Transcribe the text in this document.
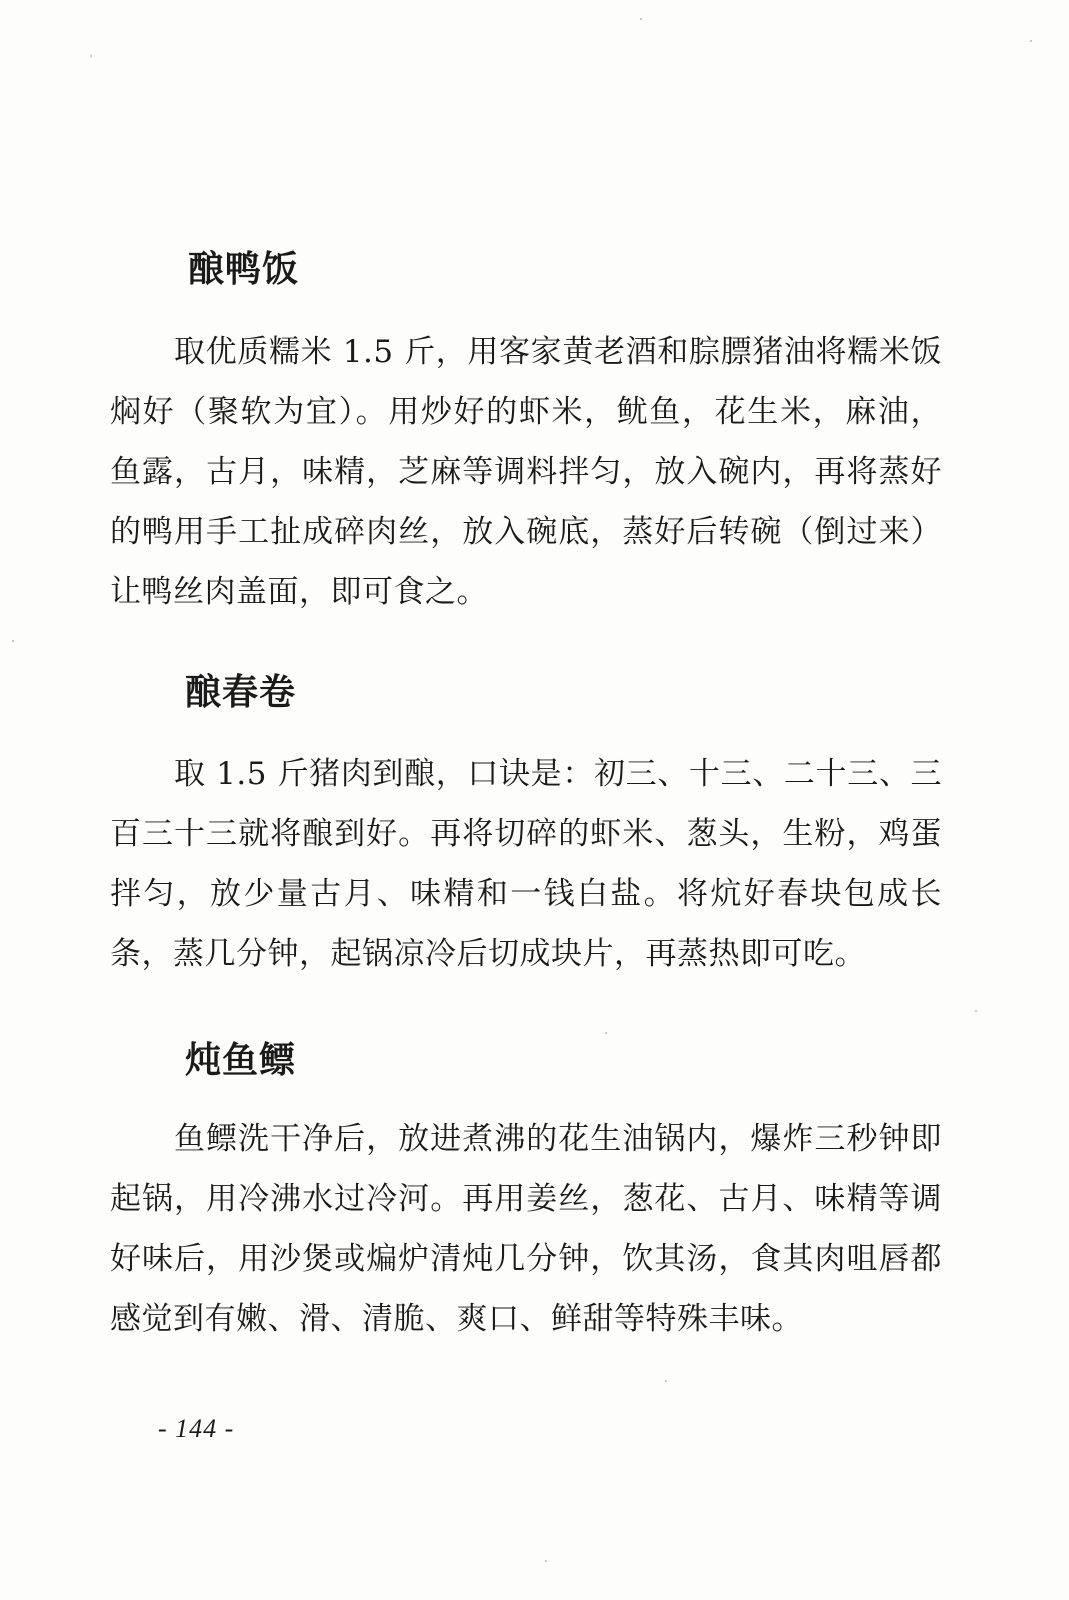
酿鸭饭

取优质糯米 1.5 斤，用客家黄老酒和腙膘猪油将糯米饭焖好（聚软为宜）。用炒好的虾米，鱿鱼，花生米，麻油，鱼露，古月，味精，芝麻等调料拌匀，放入碗内，再将蒸好的鸭用手工扯成碎肉丝，放入碗底，蒸好后转碗（倒过来）让鸭丝肉盖面，即可食之。

酿春卷

取 1.5 斤猪肉到酿，口诀是：初三、十三、二十三、三百三十三就将酿到好。再将切碎的虾米、葱头，生粉，鸡蛋拌匀，放少量古月、味精和一钱白盐。将炕好春块包成长条，蒸几分钟，起锅凉冷后切成块片，再蒸热即可吃。

炖鱼鳔

鱼鳔洗干净后，放进煮沸的花生油锅内，爆炸三秒钟即起锅，用冷沸水过冷河。再用姜丝，葱花、古月、味精等调好味后，用沙煲或煸炉清炖几分钟，饮其汤，食其肉咀唇都感觉到有嫩、滑、清脆、爽口、鲜甜等特殊丰味。

- 144 -
